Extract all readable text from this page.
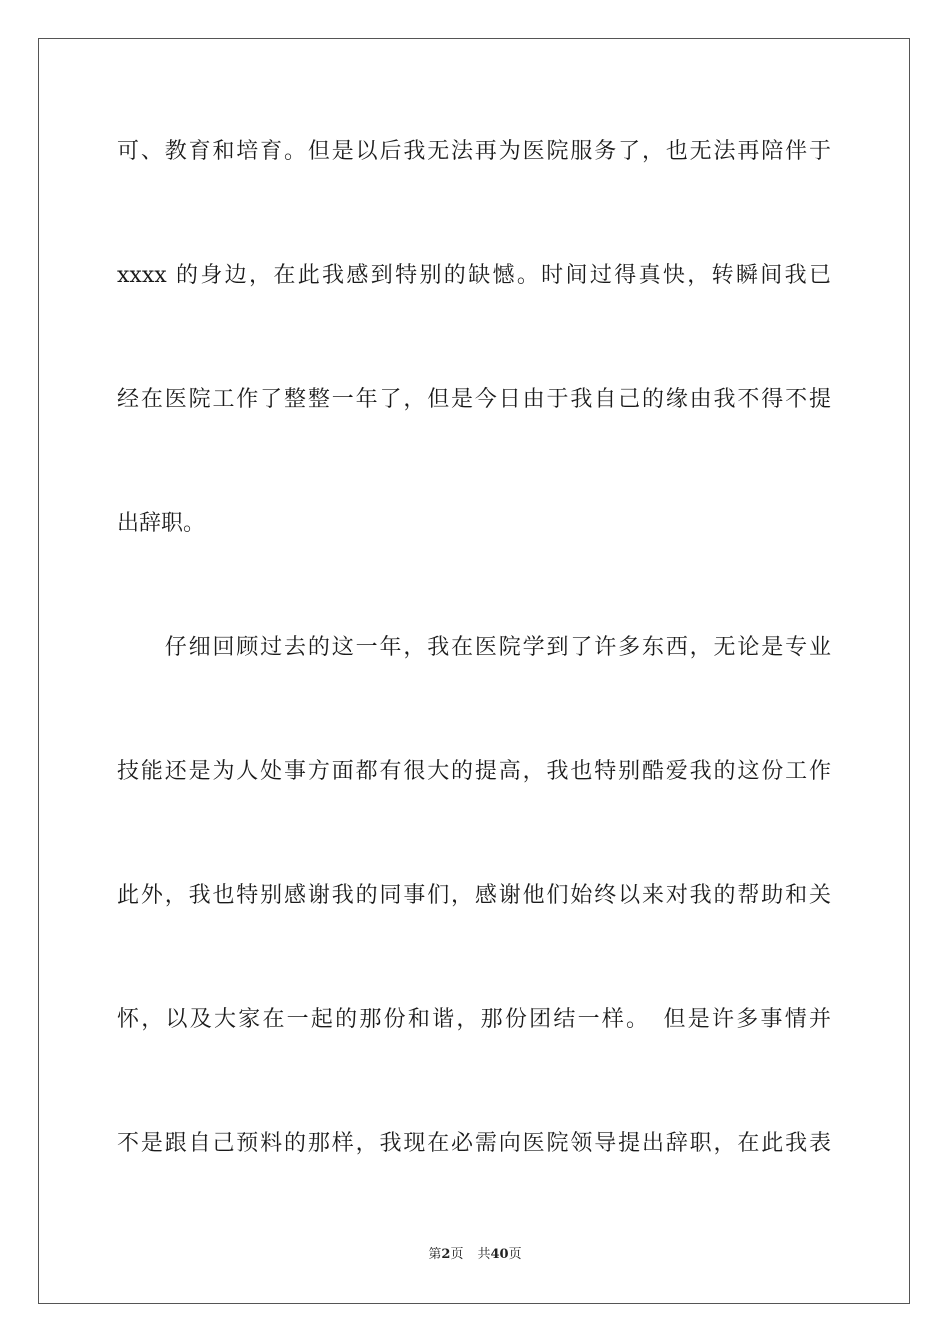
可、教育和培育。但是以后我无法再为医院服务了，也无法再陪伴于
xxxx 的身边，在此我感到特别的缺憾。时间过得真快，转瞬间我已
经在医院工作了整整一年了，但是今日由于我自己的缘由我不得不提
出辞职。
　　仔细回顾过去的这一年，我在医院学到了许多东西，无论是专业
技能还是为人处事方面都有很大的提高，我也特别酷爱我的这份工作
此外，我也特别感谢我的同事们，感谢他们始终以来对我的帮助和关
怀，以及大家在一起的那份和谐，那份团结一样。　但是许多事情并
不是跟自己预料的那样，我现在必需向医院领导提出辞职，在此我表
第2页 共40页
